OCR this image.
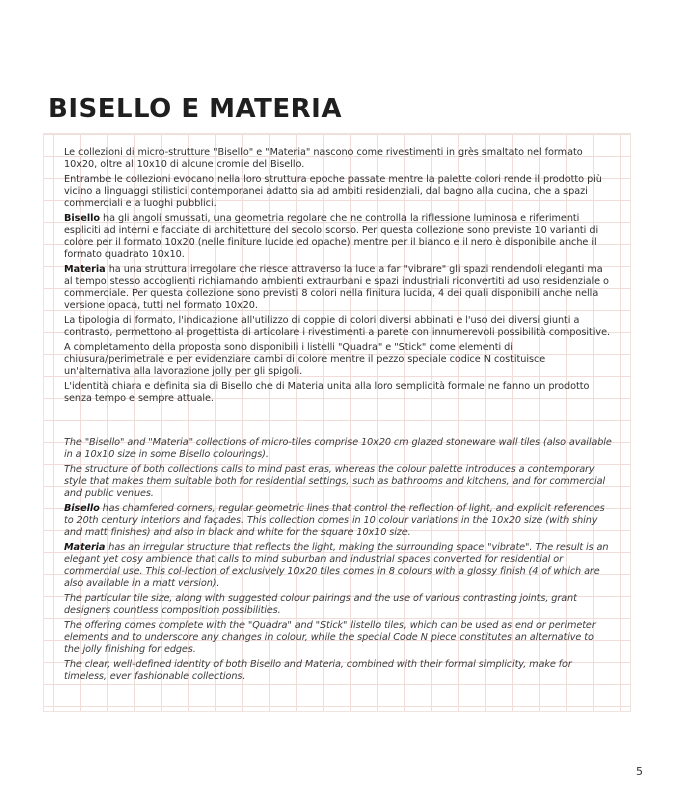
BISELLO E MATERIA

Le collezioni di micro-strutture "Bisello" e "Materia" nascono come rivestimenti in grès smaltato nel formato 10x20, oltre al 10x10 di alcune cromie del Bisello.

Entrambe le collezioni evocano nella loro struttura epoche passate mentre la palette colori rende il prodotto più vicino a linguaggi stilistici contemporanei adatto sia ad ambiti residenziali, dal bagno alla cucina, che a spazi commerciali e a luoghi pubblici.

Bisello ha gli angoli smussati, una geometria regolare che ne controlla la riflessione luminosa e riferimenti espliciti ad interni e facciate di architetture del secolo scorso. Per questa collezione sono previste 10 varianti di colore per il formato 10x20 (nelle finiture lucide ed opache) mentre per il bianco e il nero è disponibile anche il formato quadrato 10x10.

Materia ha una struttura irregolare che riesce attraverso la luce a far "vibrare" gli spazi rendendoli eleganti ma al tempo stesso accoglienti richiamando ambienti extraurbani e spazi industriali riconvertiti ad uso residenziale o commerciale. Per questa collezione sono previsti 8 colori nella finitura lucida, 4 dei quali disponibili anche nella versione opaca, tutti nel formato 10x20.

La tipologia di formato, l'indicazione all'utilizzo di coppie di colori diversi abbinati e l'uso dei diversi giunti a contrasto, permettono al progettista di articolare i rivestimenti a parete con innumerevoli possibilità compositive.

A completamento della proposta sono disponibili i listelli "Quadra" e "Stick" come elementi di chiusura/perimetrale e per evidenziare cambi di colore mentre il pezzo speciale codice N costituisce un'alternativa alla lavorazione jolly per gli spigoli.

L'identità chiara e definita sia di Bisello che di Materia unita alla loro semplicità formale ne fanno un prodotto senza tempo e sempre attuale.

The "Bisello" and "Materia" collections of micro-tiles comprise 10x20 cm glazed stoneware wall tiles (also available in a 10x10 size in some Bisello colourings).

The structure of both collections calls to mind past eras, whereas the colour palette introduces a contemporary style that makes them suitable both for residential settings, such as bathrooms and kitchens, and for commercial and public venues.

Bisello has chamfered corners, regular geometric lines that control the reflection of light, and explicit references to 20th century interiors and façades. This collection comes in 10 colour variations in the 10x20 size (with shiny and matt finishes) and also in black and white for the square 10x10 size.

Materia has an irregular structure that reflects the light, making the surrounding space "vibrate". The result is an elegant yet cosy ambience that calls to mind suburban and industrial spaces converted for residential or commercial use. This col-lection of exclusively 10x20 tiles comes in 8 colours with a glossy finish (4 of which are also available in a matt version).

The particular tile size, along with suggested colour pairings and the use of various contrasting joints, grant designers countless composition possibilities.

The offering comes complete with the "Quadra" and "Stick" listello tiles, which can be used as end or perimeter elements and to underscore any changes in colour, while the special Code N piece constitutes an alternative to the jolly finishing for edges.

The clear, well-defined identity of both Bisello and Materia, combined with their formal simplicity, make for timeless, ever fashionable collections.

5
